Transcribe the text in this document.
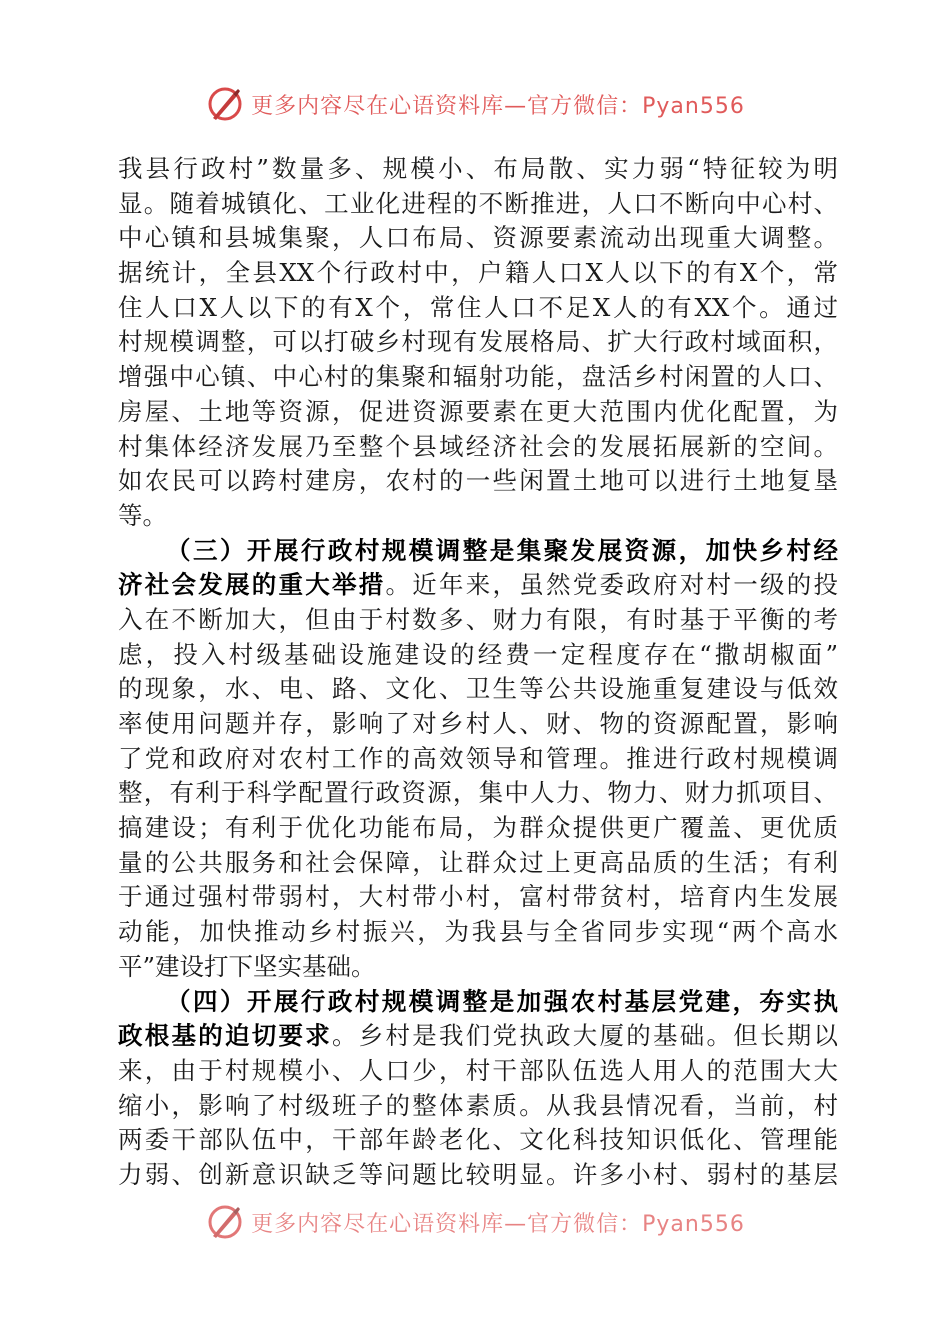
更多内容尽在心语资料库—官方微信：Pyan556
我县行政村”数量多、规模小、布局散、实力弱“特征较为明
显。随着城镇化、工业化进程的不断推进，人口不断向中心村、
中心镇和县城集聚，人口布局、资源要素流动出现重大调整。
据统计，全县XX个行政村中，户籍人口X人以下的有X个，常
住人口X人以下的有X个，常住人口不足X人的有XX个。通过
村规模调整，可以打破乡村现有发展格局、扩大行政村域面积，
增强中心镇、中心村的集聚和辐射功能，盘活乡村闲置的人口、
房屋、土地等资源，促进资源要素在更大范围内优化配置，为
村集体经济发展乃至整个县域经济社会的发展拓展新的空间。
如农民可以跨村建房，农村的一些闲置土地可以进行土地复垦
等。
（三）开展行政村规模调整是集聚发展资源，加快乡村经
济社会发展的重大举措。近年来，虽然党委政府对村一级的投
入在不断加大，但由于村数多、财力有限，有时基于平衡的考
虑，投入村级基础设施建设的经费一定程度存在“撒胡椒面”
的现象，水、电、路、文化、卫生等公共设施重复建设与低效
率使用问题并存，影响了对乡村人、财、物的资源配置，影响
了党和政府对农村工作的高效领导和管理。推进行政村规模调
整，有利于科学配置行政资源，集中人力、物力、财力抓项目、
搞建设；有利于优化功能布局，为群众提供更广覆盖、更优质
量的公共服务和社会保障，让群众过上更高品质的生活；有利
于通过强村带弱村，大村带小村，富村带贫村，培育内生发展
动能，加快推动乡村振兴，为我县与全省同步实现“两个高水
平”建设打下坚实基础。
（四）开展行政村规模调整是加强农村基层党建，夯实执
政根基的迫切要求。乡村是我们党执政大厦的基础。但长期以
来，由于村规模小、人口少，村干部队伍选人用人的范围大大
缩小，影响了村级班子的整体素质。从我县情况看，当前，村
两委干部队伍中，干部年龄老化、文化科技知识低化、管理能
力弱、创新意识缺乏等问题比较明显。许多小村、弱村的基层
更多内容尽在心语资料库—官方微信：Pyan556
